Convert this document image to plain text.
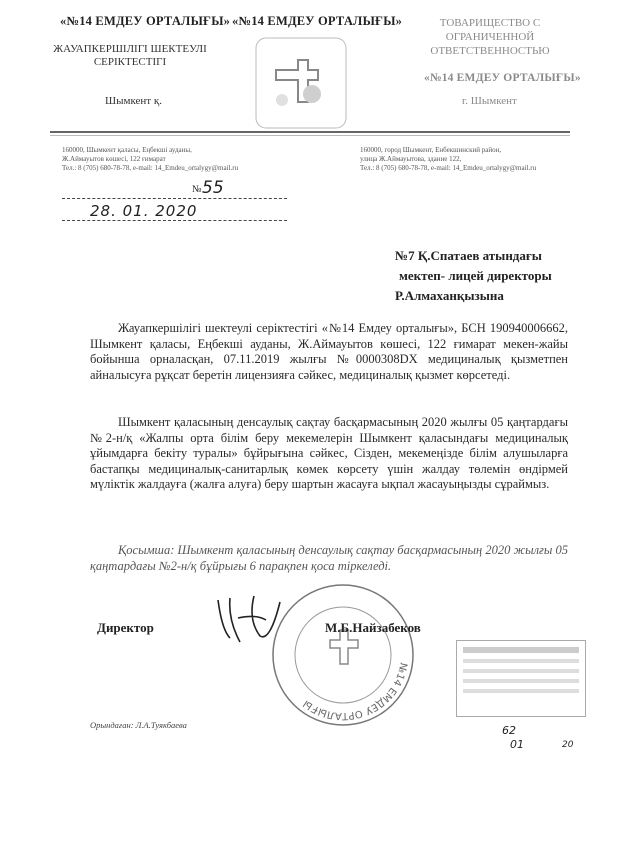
«№14 ЕМДЕУ ОРТАЛЫҒЫ»
ЖАУАПКЕРШІЛІГІ ШЕКТЕУЛІ СЕРІКТЕСТІГІ
Шымкент қ.
«№14 ЕМДЕУ ОРТАЛЫҒЫ»	ТОВАРИЩЕСТВО С ОГРАНИЧЕННОЙ ОТВЕТСТВЕННОСТЬЮ
«№14 ЕМДЕУ ОРТАЛЫҒЫ»
г. Шымкент
160000, Шымкент қаласы, Еңбекші ауданы,
Ж.Аймауытов көшесі, 122 ғимарат
Тел.: 8 (705) 680-78-78, e-mail: 14_Emdeu_ortalygy@mail.ru
160000, город Шымкент, Енбекшинский район,
улица Ж.Аймауытова, здание 122,
Тел.: 8 (705) 680-78-78, e-mail: 14_Emdeu_ortalygy@mail.ru
№ 55
28. 01. 2020
№7 Қ.Спатаев атындағы
мектеп- лицей директоры
Р.Алмаханқызына
Жауапкершілігі шектеулі серіктестігі «№14 Емдеу орталығы», БСН 190940006662, Шымкент қаласы, Еңбекші ауданы, Ж.Аймауытов көшесі, 122 ғимарат мекен-жайы бойынша орналасқан, 07.11.2019 жылғы №0000308DX медициналық қызметпен айналысуға рұқсат беретін лицензияға сәйкес, медициналық қызмет көрсетеді.
Шымкент қаласының денсаулық сақтау басқармасының 2020 жылғы 05 қаңтардағы №2-н/қ «Жалпы орта білім беру мекемелерін Шымкент қаласындағы медициналық ұйымдарға бекіту туралы» бұйрығына сәйкес, Сізден, мекемеңізде білім алушыларға бастапқы медициналық-санитарлық көмек көрсету үшін жалдау төлемін өндірмей мүліктік жалдауға (жалға алуға) беру шартын жасауға ықпал жасауыңызды сұраймыз.
Қосымша: Шымкент қаласының денсаулық сақтау басқармасының 2020 жылғы 05 қаңтардағы №2-н/қ бұйрығы 6 парақпен қоса тіркеледі.
№14 ЕМДЕУ ОРТАЛЫҒЫ
Директор	М.Б.Найзабеков
Орындаған: Л.А.Туякбаева	62
01	20
